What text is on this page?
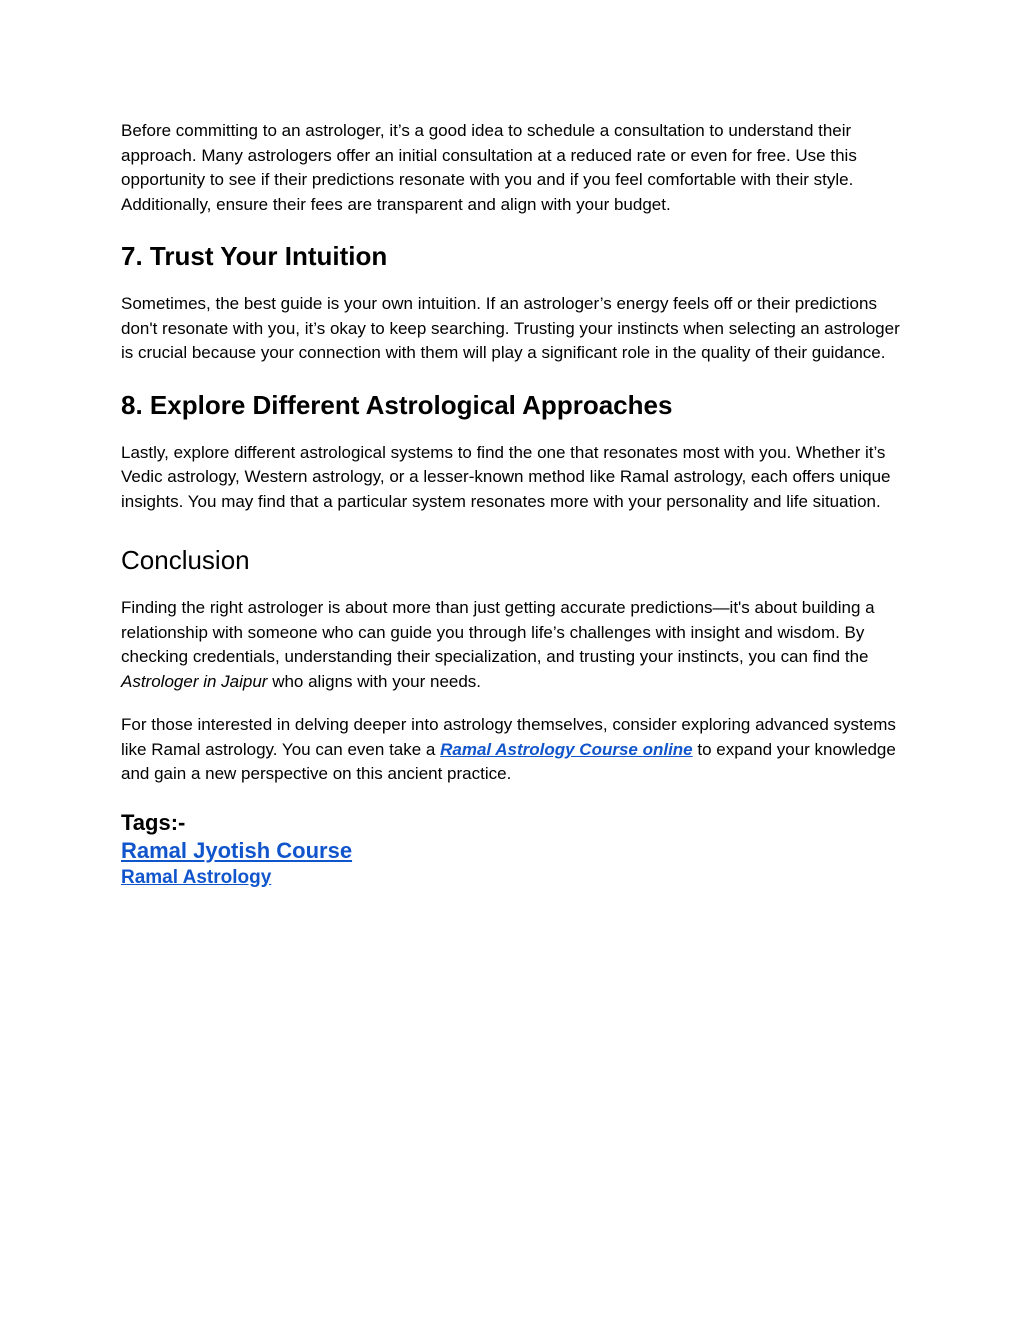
Before committing to an astrologer, it’s a good idea to schedule a consultation to understand their approach. Many astrologers offer an initial consultation at a reduced rate or even for free. Use this opportunity to see if their predictions resonate with you and if you feel comfortable with their style. Additionally, ensure their fees are transparent and align with your budget.

7. Trust Your Intuition

Sometimes, the best guide is your own intuition. If an astrologer’s energy feels off or their predictions don't resonate with you, it’s okay to keep searching. Trusting your instincts when selecting an astrologer is crucial because your connection with them will play a significant role in the quality of their guidance.

8. Explore Different Astrological Approaches

Lastly, explore different astrological systems to find the one that resonates most with you. Whether it’s Vedic astrology, Western astrology, or a lesser-known method like Ramal astrology, each offers unique insights. You may find that a particular system resonates more with your personality and life situation.

Conclusion

Finding the right astrologer is about more than just getting accurate predictions—it's about building a relationship with someone who can guide you through life’s challenges with insight and wisdom. By checking credentials, understanding their specialization, and trusting your instincts, you can find the Astrologer in Jaipur who aligns with your needs.

For those interested in delving deeper into astrology themselves, consider exploring advanced systems like Ramal astrology. You can even take a Ramal Astrology Course online to expand your knowledge and gain a new perspective on this ancient practice.

Tags:-
Ramal Jyotish Course
Ramal Astrology
